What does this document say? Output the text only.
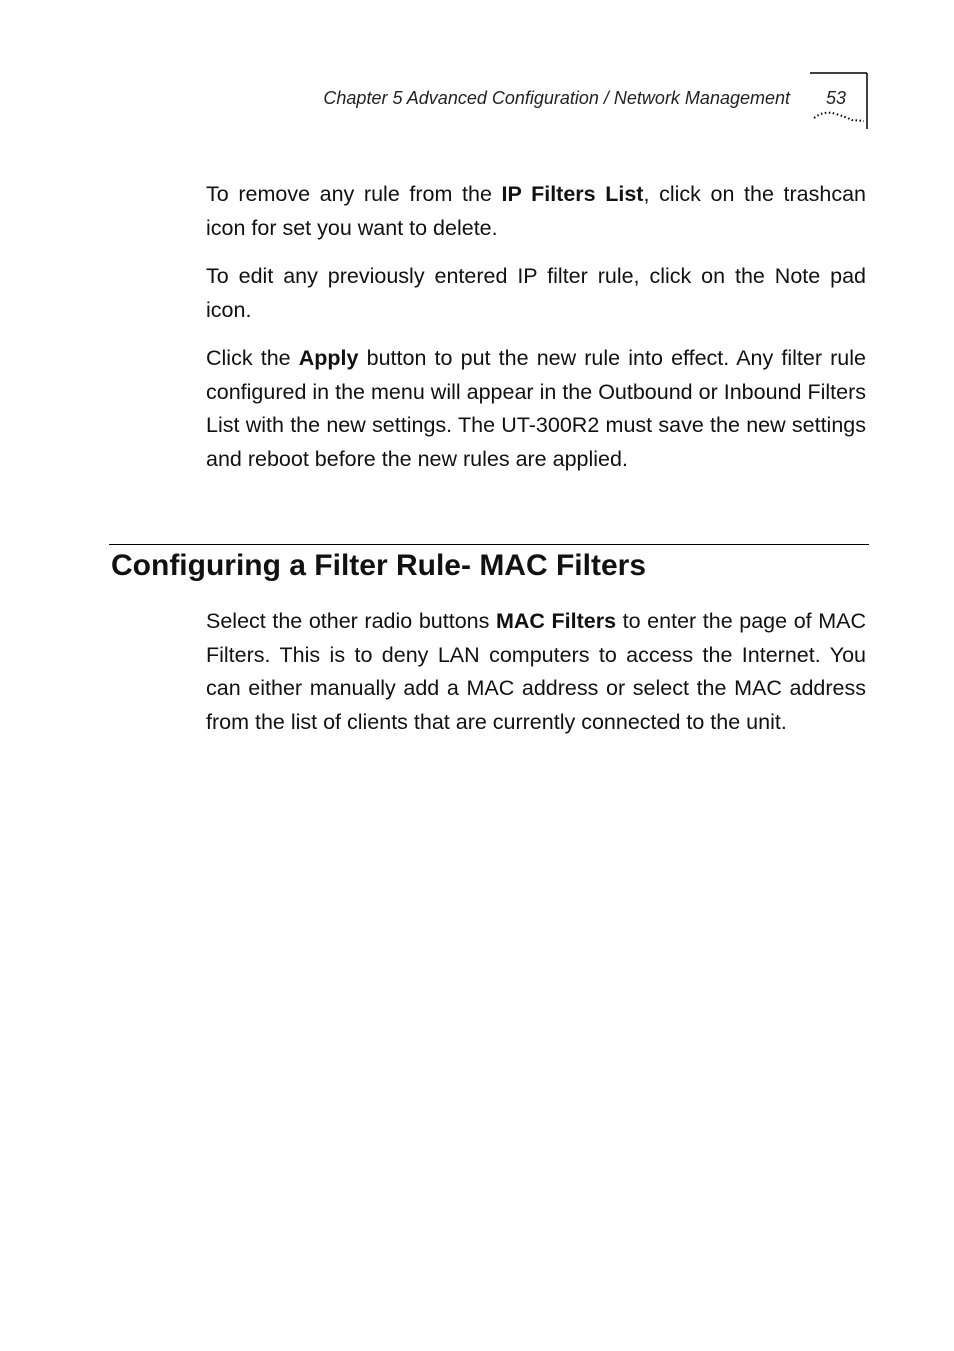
Chapter 5 Advanced Configuration / Network Management 53

To remove any rule from the IP Filters List, click on the trashcan icon for set you want to delete.

To edit any previously entered IP filter rule, click on the Note pad icon.

Click the Apply button to put the new rule into effect. Any filter rule configured in the menu will appear in the Outbound or Inbound Filters List with the new settings. The UT-300R2 must save the new settings and reboot before the new rules are applied.

Configuring a Filter Rule- MAC Filters

Select the other radio buttons MAC Filters to enter the page of MAC Filters. This is to deny LAN computers to access the Internet. You can either manually add a MAC address or select the MAC address from the list of clients that are currently connected to the unit.
